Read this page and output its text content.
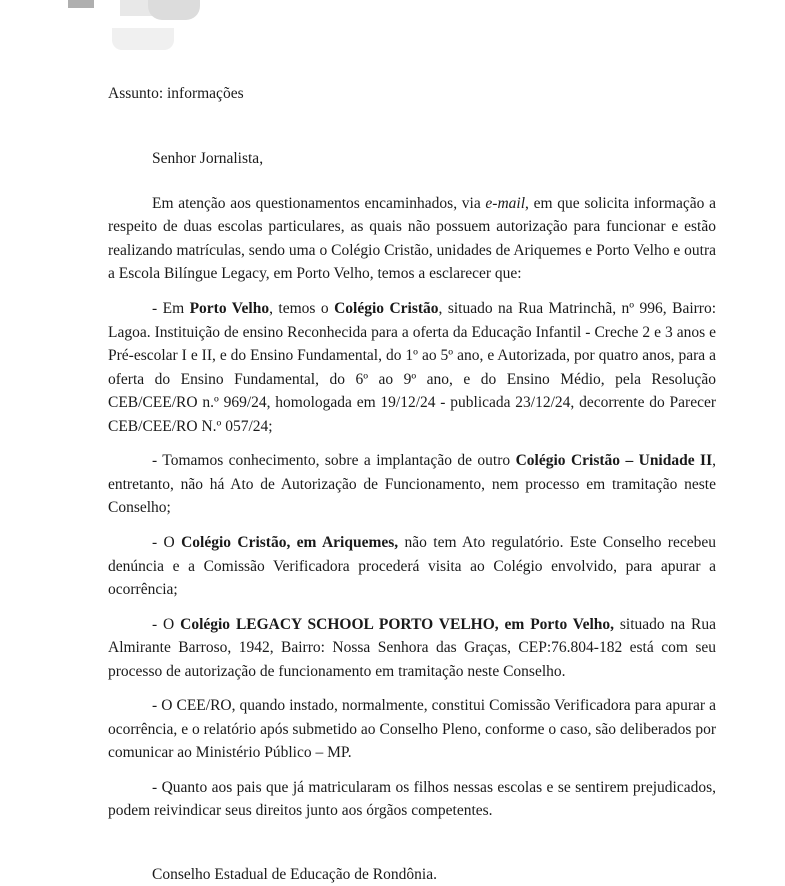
Assunto: informações
Senhor Jornalista,

Em atenção aos questionamentos encaminhados, via e-mail, em que solicita informação a respeito de duas escolas particulares, as quais não possuem autorização para funcionar e estão realizando matrículas, sendo uma o Colégio Cristão, unidades de Ariquemes e Porto Velho e outra a Escola Bilíngue Legacy, em Porto Velho, temos a esclarecer que:

- Em Porto Velho, temos o Colégio Cristão, situado na Rua Matrinchã, nº 996, Bairro: Lagoa. Instituição de ensino Reconhecida para a oferta da Educação Infantil - Creche 2 e 3 anos e Pré-escolar I e II, e do Ensino Fundamental, do 1º ao 5º ano, e Autorizada, por quatro anos, para a oferta do Ensino Fundamental, do 6º ao 9º ano, e do Ensino Médio, pela Resolução CEB/CEE/RO n.º 969/24, homologada em 19/12/24 - publicada 23/12/24, decorrente do Parecer CEB/CEE/RO N.º 057/24;

- Tomamos conhecimento, sobre a implantação de outro Colégio Cristão – Unidade II, entretanto, não há Ato de Autorização de Funcionamento, nem processo em tramitação neste Conselho;

- O Colégio Cristão, em Ariquemes, não tem Ato regulatório. Este Conselho recebeu denúncia e a Comissão Verificadora procederá visita ao Colégio envolvido, para apurar a ocorrência;

- O Colégio LEGACY SCHOOL PORTO VELHO, em Porto Velho, situado na Rua Almirante Barroso, 1942, Bairro: Nossa Senhora das Graças, CEP:76.804-182 está com seu processo de autorização de funcionamento em tramitação neste Conselho.

- O CEE/RO, quando instado, normalmente, constitui Comissão Verificadora para apurar a ocorrência, e o relatório após submetido ao Conselho Pleno, conforme o caso, são deliberados por comunicar ao Ministério Público – MP.

- Quanto aos pais que já matricularam os filhos nessas escolas e se sentirem prejudicados, podem reivindicar seus direitos junto aos órgãos competentes.

Conselho Estadual de Educação de Rondônia.
